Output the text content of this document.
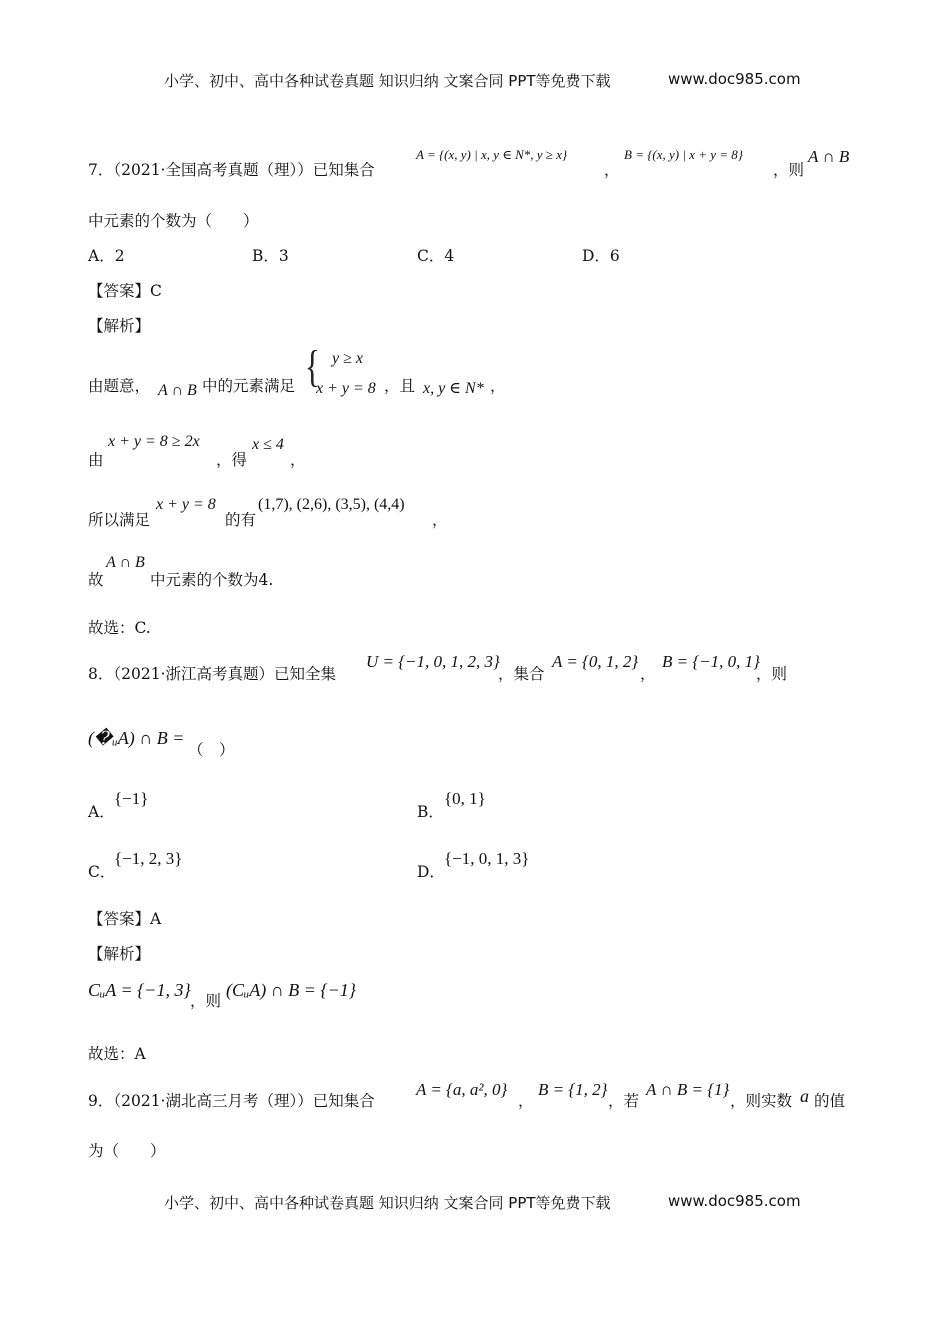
小学、初中、高中各种试卷真题 知识归纳 文案合同 PPT等免费下载	www.doc985.com
7．（2021·全国高考真题（理））已知集合
A = {(x, y) | x, y ∈ N*, y ≥ x}
，
B = {(x, y) | x + y = 8}
，则
A ∩ B
中元素的个数为（　　）
A．2	B．3	C．4	D．6
【答案】C
【解析】
由题意， A ∩ B 中的元素满足 { y ≥ x
x + y = 8 ，且 x, y ∈ N* ，
由
x + y = 8 ≥ 2x
，得
x ≤ 4
，
所以满足
x + y = 8
的有
(1,7), (2,6), (3,5), (4,4)
，
故
A ∩ B
中元素的个数为4.
故选：C.
8．（2021·浙江高考真题）已知全集
U = {−1, 0, 1, 2, 3}
，集合
A = {0, 1, 2}
，
B = {−1, 0, 1}
，则
(�ᵤA) ∩ B =
（　）
A．
{−1}
B．
{0, 1}
C．
{−1, 2, 3}
D．
{−1, 0, 1, 3}
【答案】A
【解析】
CᵤA = {−1, 3}
，则
(CᵤA) ∩ B = {−1}
故选：A
9．（2021·湖北高三月考（理））已知集合
A = {a, a², 0}
，
B = {1, 2}
，若
A ∩ B = {1}
，则实数 a 的值
为（　　）
小学、初中、高中各种试卷真题 知识归纳 文案合同 PPT等免费下载	www.doc985.com
